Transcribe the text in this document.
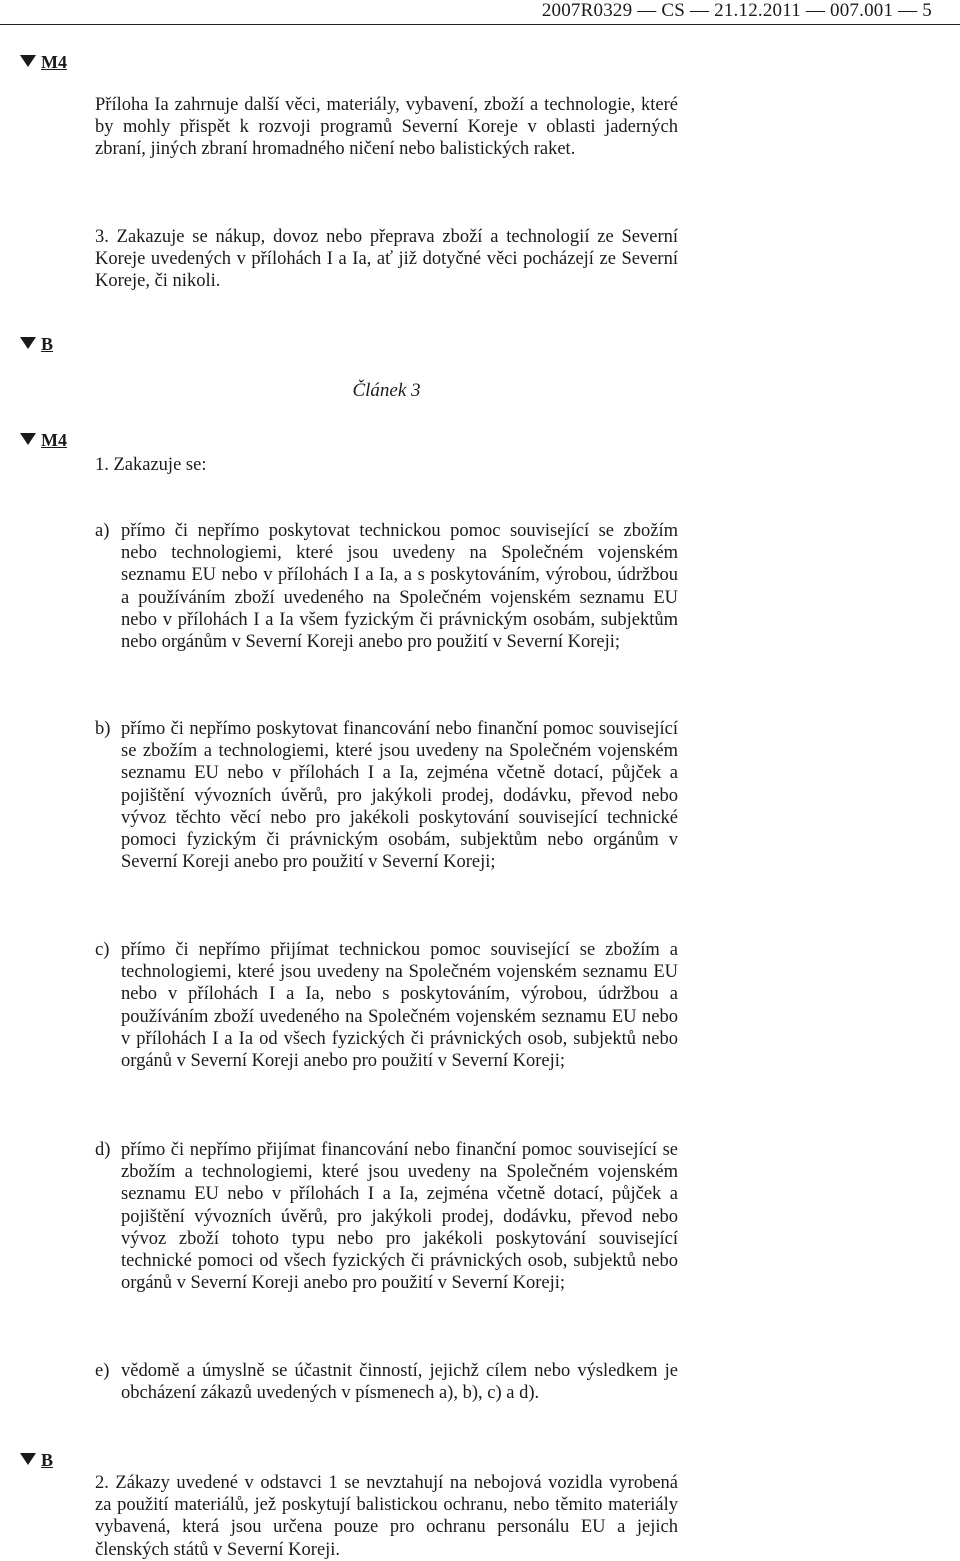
2007R0329 — CS — 21.12.2011 — 007.001 — 5
M4
Příloha Ia zahrnuje další věci, materiály, vybavení, zboží a technologie, které by mohly přispět k rozvoji programů Severní Koreje v oblasti jaderných zbraní, jiných zbraní hromadného ničení nebo balistických raket.
3. Zakazuje se nákup, dovoz nebo přeprava zboží a technologií ze Severní Koreje uvedených v přílohách I a Ia, ať již dotyčné věci pocházejí ze Severní Koreje, či nikoli.
B
Článek 3
M4
1. Zakazuje se:
a) přímo či nepřímo poskytovat technickou pomoc související se zbožím nebo technologiemi, které jsou uvedeny na Společném vojenském seznamu EU nebo v přílohách I a Ia, a s poskytováním, výrobou, údržbou a používáním zboží uvedeného na Společném vojenském seznamu EU nebo v přílohách I a Ia všem fyzickým či právnickým osobám, subjektům nebo orgánům v Severní Koreji anebo pro použití v Severní Koreji;
b) přímo či nepřímo poskytovat financování nebo finanční pomoc související se zbožím a technologiemi, které jsou uvedeny na Společném vojenském seznamu EU nebo v přílohách I a Ia, zejména včetně dotací, půjček a pojištění vývozních úvěrů, pro jakýkoli prodej, dodávku, převod nebo vývoz těchto věcí nebo pro jakékoli poskytování související technické pomoci fyzickým či právnickým osobám, subjektům nebo orgánům v Severní Koreji anebo pro použití v Severní Koreji;
c) přímo či nepřímo přijímat technickou pomoc související se zbožím a technologiemi, které jsou uvedeny na Společném vojenském seznamu EU nebo v přílohách I a Ia, nebo s poskytováním, výrobou, údržbou a používáním zboží uvedeného na Společném vojenském seznamu EU nebo v přílohách I a Ia od všech fyzických či právnických osob, subjektů nebo orgánů v Severní Koreji anebo pro použití v Severní Koreji;
d) přímo či nepřímo přijímat financování nebo finanční pomoc související se zbožím a technologiemi, které jsou uvedeny na Společném vojenském seznamu EU nebo v přílohách I a Ia, zejména včetně dotací, půjček a pojištění vývozních úvěrů, pro jakýkoli prodej, dodávku, převod nebo vývoz zboží tohoto typu nebo pro jakékoli poskytování související technické pomoci od všech fyzických či právnických osob, subjektů nebo orgánů v Severní Koreji anebo pro použití v Severní Koreji;
e) vědomě a úmyslně se účastnit činností, jejichž cílem nebo výsledkem je obcházení zákazů uvedených v písmenech a), b), c) a d).
B
2. Zákazy uvedené v odstavci 1 se nevztahují na nebojová vozidla vyrobená za použití materiálů, jež poskytují balistickou ochranu, nebo těmito materiály vybavená, která jsou určena pouze pro ochranu personálu EU a jejich členských států v Severní Koreji.
